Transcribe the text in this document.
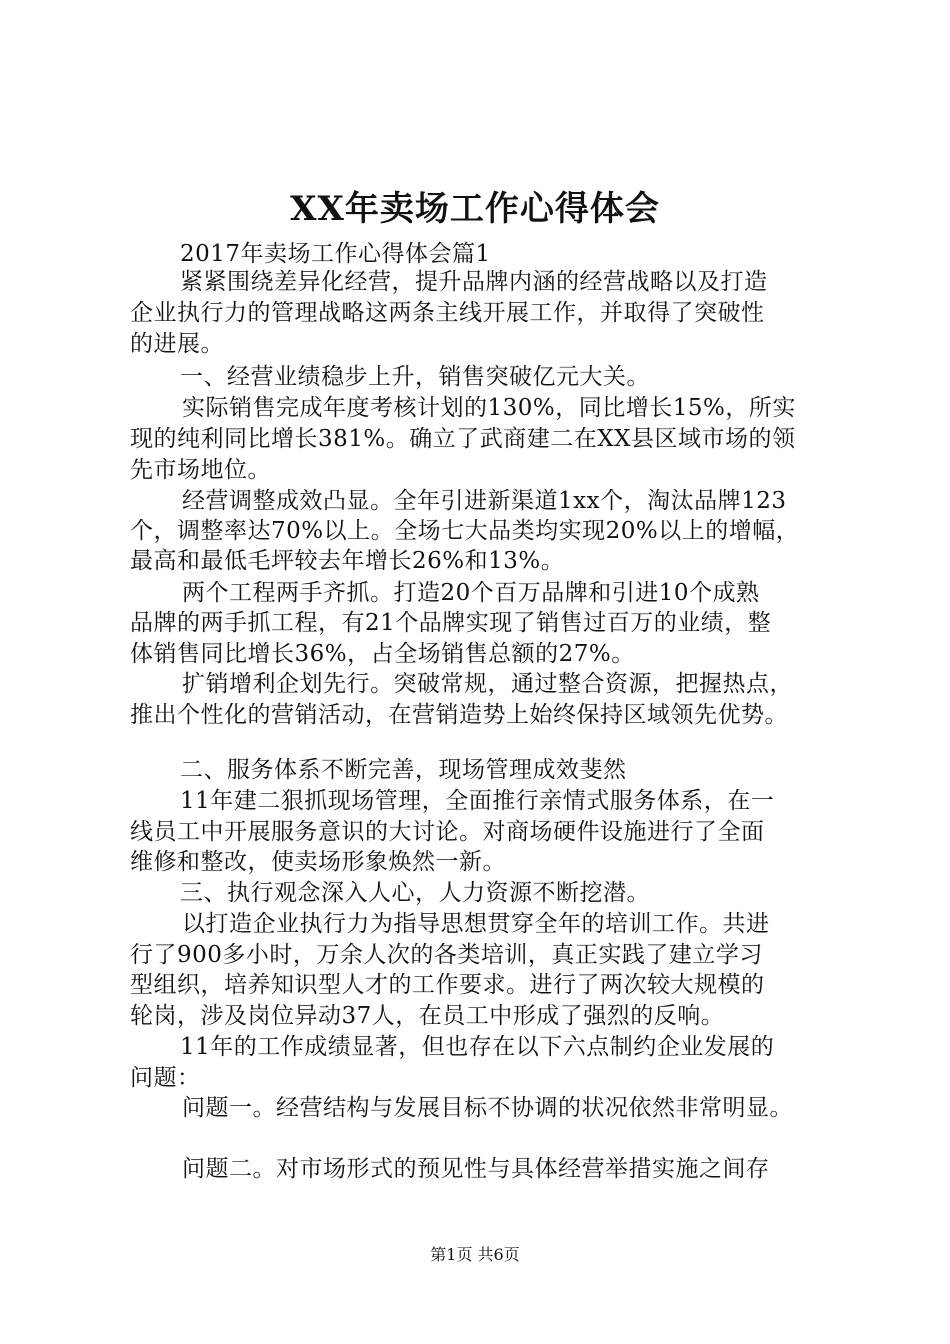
XX年卖场工作心得体会
2017年卖场工作心得体会篇1
紧紧围绕差异化经营，提升品牌内涵的经营战略以及打造
企业执行力的管理战略这两条主线开展工作，并取得了突破性
的进展。
一、经营业绩稳步上升，销售突破亿元大关。
实际销售完成年度考核计划的130%，同比增长15%，所实
现的纯利同比增长381%。确立了武商建二在XX县区域市场的领
先市场地位。
经营调整成效凸显。全年引进新渠道1xx个，淘汰品牌123
个，调整率达70%以上。全场七大品类均实现20%以上的增幅，
最高和最低毛坪较去年增长26%和13%。
两个工程两手齐抓。打造20个百万品牌和引进10个成熟
品牌的两手抓工程，有21个品牌实现了销售过百万的业绩，整
体销售同比增长36%，占全场销售总额的27%。
扩销增利企划先行。突破常规，通过整合资源，把握热点，
推出个性化的营销活动，在营销造势上始终保持区域领先优势。
二、服务体系不断完善，现场管理成效斐然
11年建二狠抓现场管理，全面推行亲情式服务体系，在一
线员工中开展服务意识的大讨论。对商场硬件设施进行了全面
维修和整改，使卖场形象焕然一新。
三、执行观念深入人心，人力资源不断挖潜。
以打造企业执行力为指导思想贯穿全年的培训工作。共进
行了900多小时，万余人次的各类培训，真正实践了建立学习
型组织，培养知识型人才的工作要求。进行了两次较大规模的
轮岗，涉及岗位异动37人，在员工中形成了强烈的反响。
11年的工作成绩显著，但也存在以下六点制约企业发展的
问题：
问题一。经营结构与发展目标不协调的状况依然非常明显。
问题二。对市场形式的预见性与具体经营举措实施之间存
第1页 共6页
